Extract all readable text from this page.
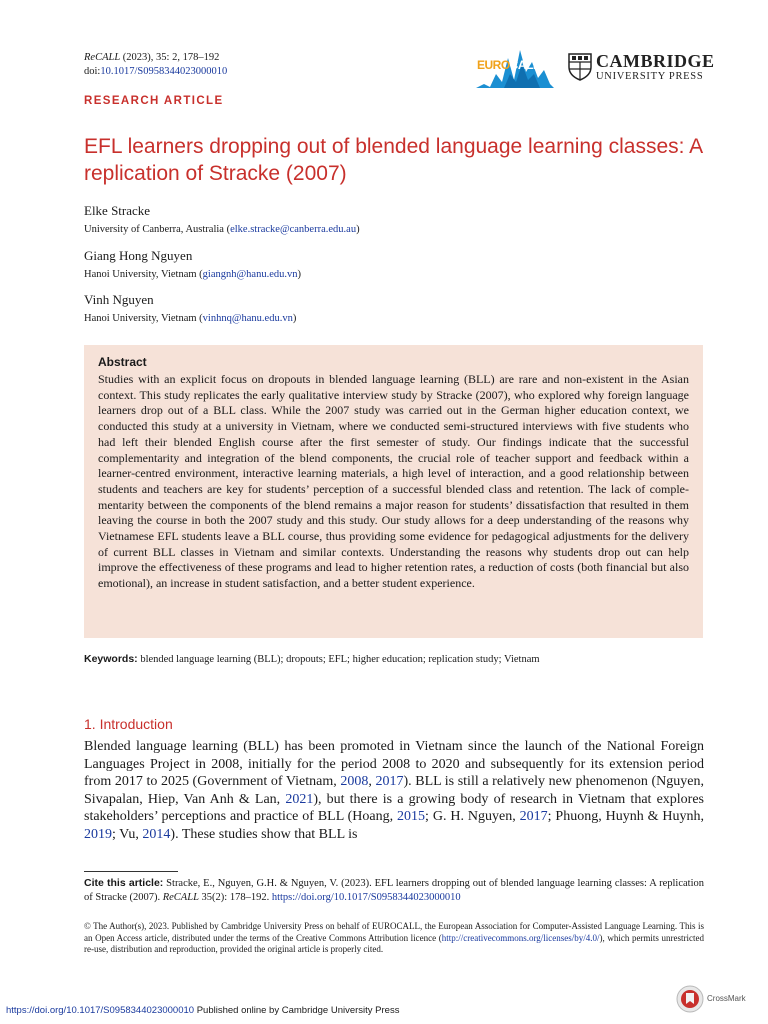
ReCALL (2023), 35: 2, 178–192
doi:10.1017/S0958344023000010	EUROCALL	CAMBRIDGE
UNIVERSITY PRESS
RESEARCH ARTICLE
EFL learners dropping out of blended language learning classes: A replication of Stracke (2007)
Elke Stracke
University of Canberra, Australia (elke.stracke@canberra.edu.au)
Giang Hong Nguyen
Hanoi University, Vietnam (giangnh@hanu.edu.vn)
Vinh Nguyen
Hanoi University, Vietnam (vinhnq@hanu.edu.vn)
Abstract
Studies with an explicit focus on dropouts in blended language learning (BLL) are rare and non-existent in the Asian context. This study replicates the early qualitative interview study by Stracke (2007), who explored why foreign language learners drop out of a BLL class. While the 2007 study was carried out in the German higher education context, we conducted this study at a university in Vietnam, where we conducted semi-structured interviews with five students who had left their blended English course after the first semester of study. Our findings indicate that the successful complementarity and integration of the blend components, the crucial role of teacher support and feedback within a learner-centred environment, interactive learning materials, a high level of interaction, and a good relationship between students and teachers are key for students’ perception of a successful blended class and retention. The lack of comple-mentarity between the components of the blend remains a major reason for students’ dissatisfaction that resulted in them leaving the course in both the 2007 study and this study. Our study allows for a deep understanding of the reasons why Vietnamese EFL students leave a BLL course, thus providing some evidence for pedagogical adjustments for the delivery of current BLL classes in Vietnam and similar contexts. Understanding the reasons why students drop out can help improve the effectiveness of these programs and lead to higher retention rates, a reduction of costs (both financial but also emotional), an increase in student satisfaction, and a better student experience.
Keywords: blended language learning (BLL); dropouts; EFL; higher education; replication study; Vietnam
1. Introduction
Blended language learning (BLL) has been promoted in Vietnam since the launch of the National Foreign Languages Project in 2008, initially for the period 2008 to 2020 and subsequently for its extension period from 2017 to 2025 (Government of Vietnam, 2008, 2017). BLL is still a relatively new phenomenon (Nguyen, Sivapalan, Hiep, Van Anh & Lan, 2021), but there is a growing body of research in Vietnam that explores stakeholders’ perceptions and practice of BLL (Hoang, 2015; G. H. Nguyen, 2017; Phuong, Huynh & Huynh, 2019; Vu, 2014). These studies show that BLL is
Cite this article: Stracke, E., Nguyen, G.H. & Nguyen, V. (2023). EFL learners dropping out of blended language learning classes: A replication of Stracke (2007). ReCALL 35(2): 178–192. https://doi.org/10.1017/S0958344023000010
© The Author(s), 2023. Published by Cambridge University Press on behalf of EUROCALL, the European Association for Computer-Assisted Language Learning. This is an Open Access article, distributed under the terms of the Creative Commons Attribution licence (http://creativecommons.org/licenses/by/4.0/), which permits unrestricted re-use, distribution and reproduction, provided the original article is properly cited.
https://doi.org/10.1017/S0958344023000010 Published online by Cambridge University Press
CrossMark
